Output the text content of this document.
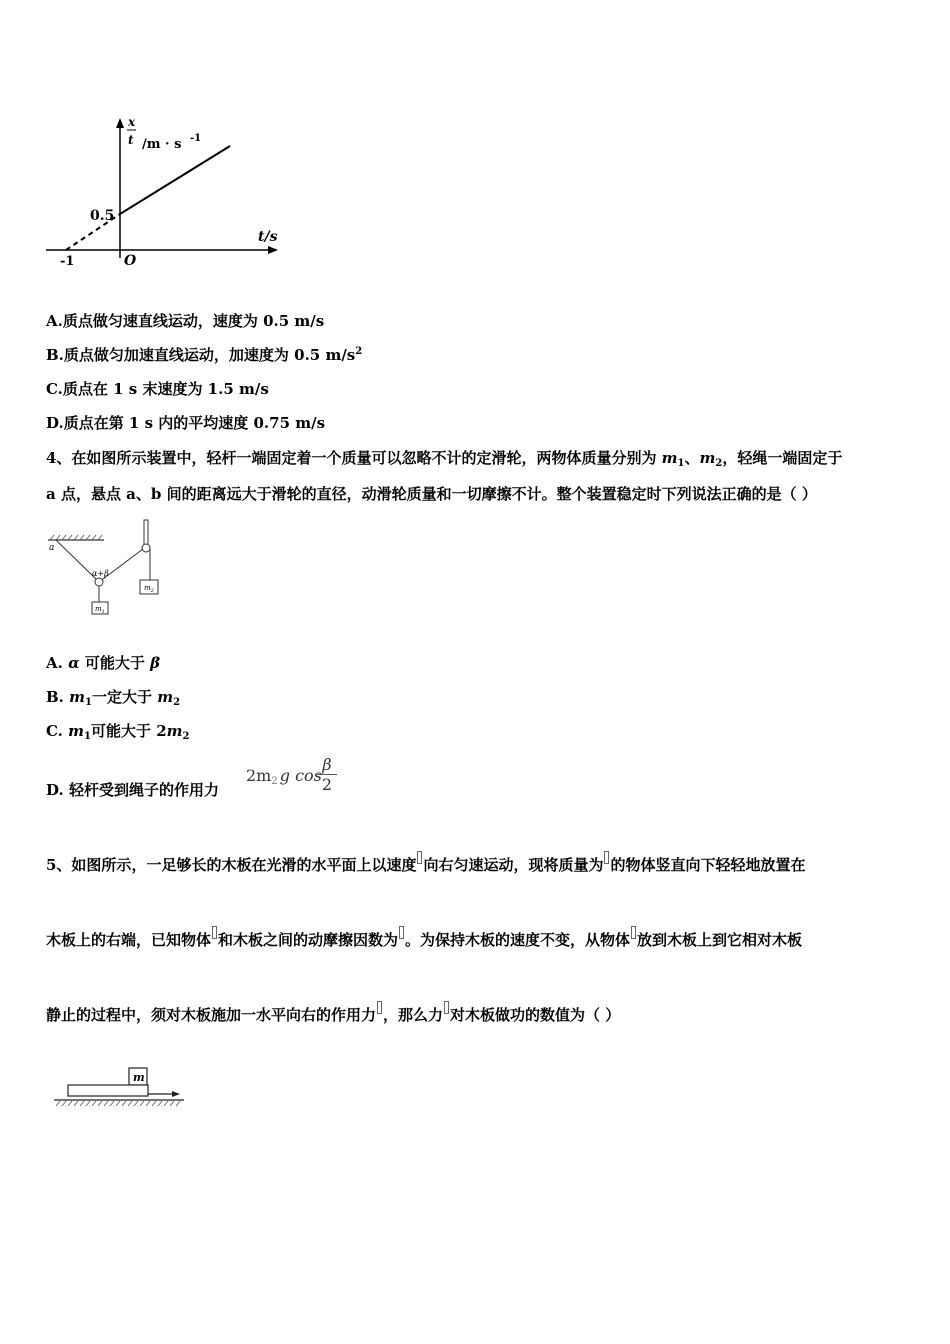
x
t /m · s -1
t/s
0.5
-1	O
A.质点做匀速直线运动，速度为 0.5 m/s
B.质点做匀加速直线运动，加速度为 0.5 $m/s^2$
C.质点在 1 s 末速度为 1.5 m/s
D.质点在第 1 s 内的平均速度 0.75 m/s
4、在如图所示装置中，轻杆一端固定着一个质量可以忽略不计的定滑轮，两物体质量分别为 $m_1$、$m_2$，轻绳一端固定于
a 点，悬点 a、b 间的距离远大于滑轮的直径，动滑轮质量和一切摩擦不计。整个装置稳定时下列说法正确的是（ ）
a
α+β
$m_1$
$m_2$
A. α 可能大于 β
B. $m_1$一定大于 $m_2$
C. $m_1$可能大于 $2m_2$
D. 轻杆受到绳子的作用力
$2m_2$ g cos
$\frac{\beta}{2}$
5、如图所示，一足够长的木板在光滑的水平面上以速度 向右匀速运动，现将质量为 的物体竖直向下轻轻地放置在
木板上的右端，已知物体 和木板之间的动摩擦因数为 。为保持木板的速度不变，从物体 放到木板上到它相对木板
静止的过程中，须对木板施加一水平向右的作用力 ，那么力 对木板做功的数值为（ ）
m
